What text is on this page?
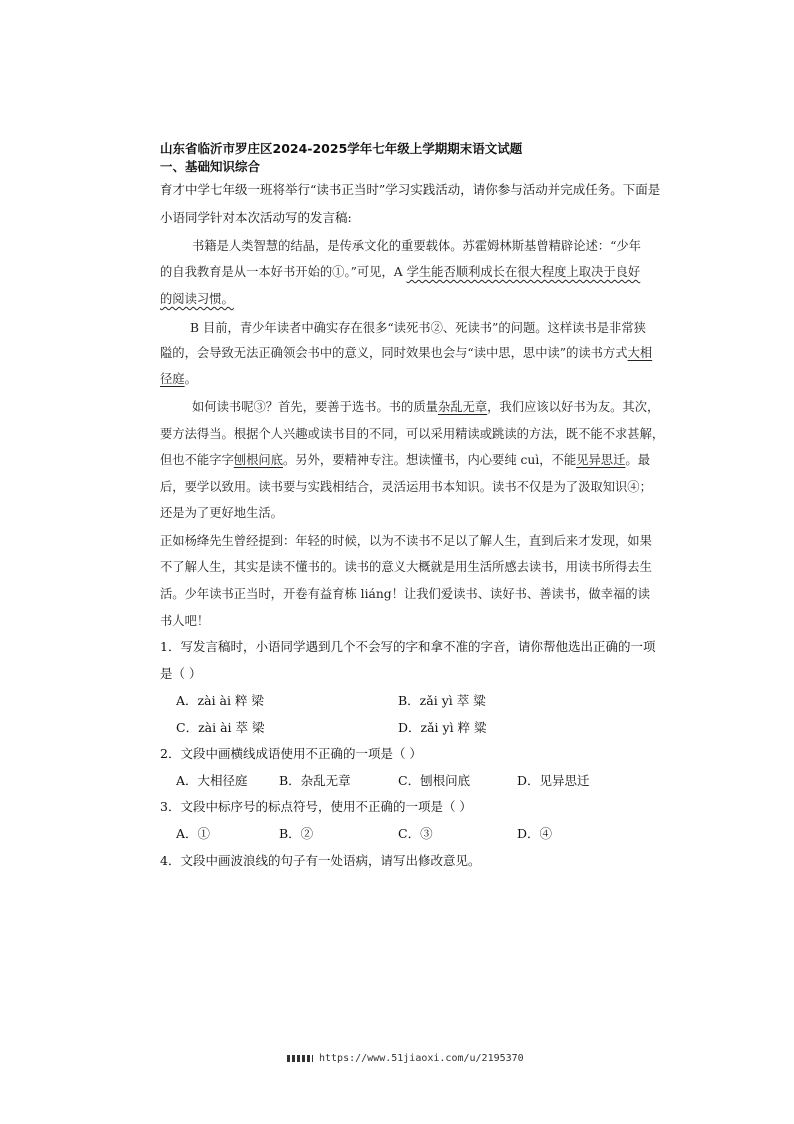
山东省临沂市罗庄区2024-2025学年七年级上学期期末语文试题
一、基础知识综合
育才中学七年级一班将举行“读书正当时”学习实践活动，请你参与活动并完成任务。下面是
小语同学针对本次活动写的发言稿:
书籍是人类智慧的结晶，是传承文化的重要载体。苏霍姆林斯基曾精辟论述：“少年
的自我教育是从一本好书开始的①。”可见，A 学生能否顺利成长在很大程度上取决于良好
的阅读习惯。
B 目前，青少年读者中确实存在很多“读死书②、死读书”的问题。这样读书是非常狭
隘的，会导致无法正确领会书中的意义，同时效果也会与“读中思，思中读”的读书方式大相
径庭。
如何读书呢③？首先，要善于选书。书的质量杂乱无章，我们应该以好书为友。其次，
要方法得当。根据个人兴趣或读书目的不同，可以采用精读或跳读的方法，既不能不求甚解，
但也不能字字刨根问底。另外，要精神专注。想读懂书，内心要纯 cuì，不能见异思迁。最
后，要学以致用。读书要与实践相结合，灵活运用书本知识。读书不仅是为了汲取知识④；
还是为了更好地生活。
正如杨绛先生曾经提到：年轻的时候，以为不读书不足以了解人生，直到后来才发现，如果
不了解人生，其实是读不懂书的。读书的意义大概就是用生活所感去读书，用读书所得去生
活。少年读书正当时，开卷有益育栋 liáng！让我们爱读书、读好书、善读书，做幸福的读
书人吧！
1．写发言稿时，小语同学遇到几个不会写的字和拿不准的字音，请你帮他选出正确的一项
是（ ）
A．zài ài 粹 梁	B．zǎi yì 萃 粱
C．zài ài 萃 梁	D．zǎi yì 粹 粱
2．文段中画横线成语使用不正确的一项是（ ）
A．大相径庭	B．杂乱无章	C．刨根问底	D．见异思迁
3．文段中标序号的标点符号，使用不正确的一项是（ ）
A．①	B．②	C．③	D．④
4．文段中画波浪线的句子有一处语病，请写出修改意见。
https://www.51jiaoxi.com/u/2195370
